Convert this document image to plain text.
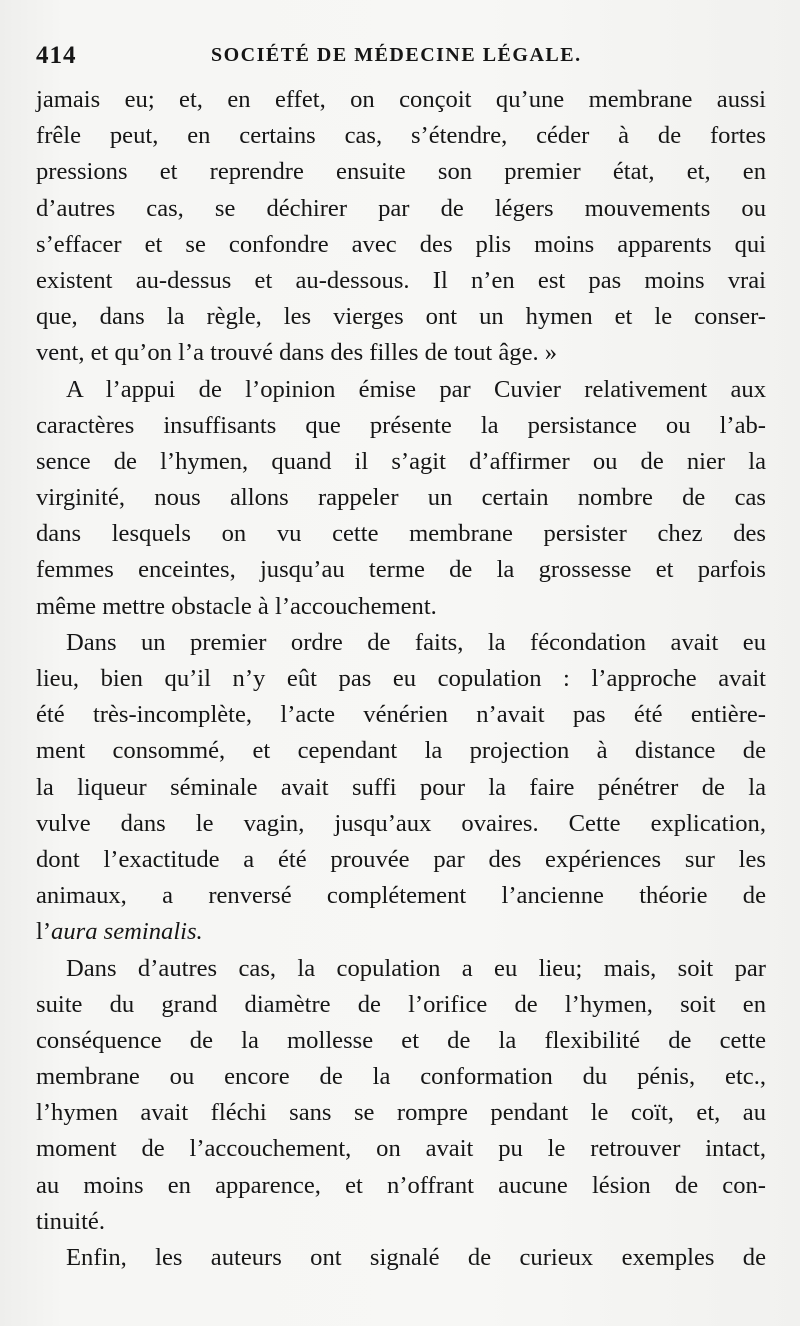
414	SOCIÉTÉ DE MÉDECINE LÉGALE.
jamais eu; et, en effet, on conçoit qu’une membrane aussi
frêle peut, en certains cas, s’étendre, céder à de fortes
pressions et reprendre ensuite son premier état, et, en
d’autres cas, se déchirer par de légers mouvements ou
s’effacer et se confondre avec des plis moins apparents qui
existent au-dessus et au-dessous. Il n’en est pas moins vrai
que, dans la règle, les vierges ont un hymen et le conser-
vent, et qu’on l’a trouvé dans des filles de tout âge. »
A l’appui de l’opinion émise par Cuvier relativement aux
caractères insuffisants que présente la persistance ou l’ab-
sence de l’hymen, quand il s’agit d’affirmer ou de nier la
virginité, nous allons rappeler un certain nombre de cas
dans lesquels on vu cette membrane persister chez des
femmes enceintes, jusqu’au terme de la grossesse et parfois
même mettre obstacle à l’accouchement.
Dans un premier ordre de faits, la fécondation avait eu
lieu, bien qu’il n’y eût pas eu copulation : l’approche avait
été très-incomplète, l’acte vénérien n’avait pas été entière-
ment consommé, et cependant la projection à distance de
la liqueur séminale avait suffi pour la faire pénétrer de la
vulve dans le vagin, jusqu’aux ovaires. Cette explication,
dont l’exactitude a été prouvée par des expériences sur les
animaux, a renversé complétement l’ancienne théorie de
l’aura seminalis.
Dans d’autres cas, la copulation a eu lieu; mais, soit par
suite du grand diamètre de l’orifice de l’hymen, soit en
conséquence de la mollesse et de la flexibilité de cette
membrane ou encore de la conformation du pénis, etc.,
l’hymen avait fléchi sans se rompre pendant le coït, et, au
moment de l’accouchement, on avait pu le retrouver intact,
au moins en apparence, et n’offrant aucune lésion de con-
tinuité.
Enfin, les auteurs ont signalé de curieux exemples de
